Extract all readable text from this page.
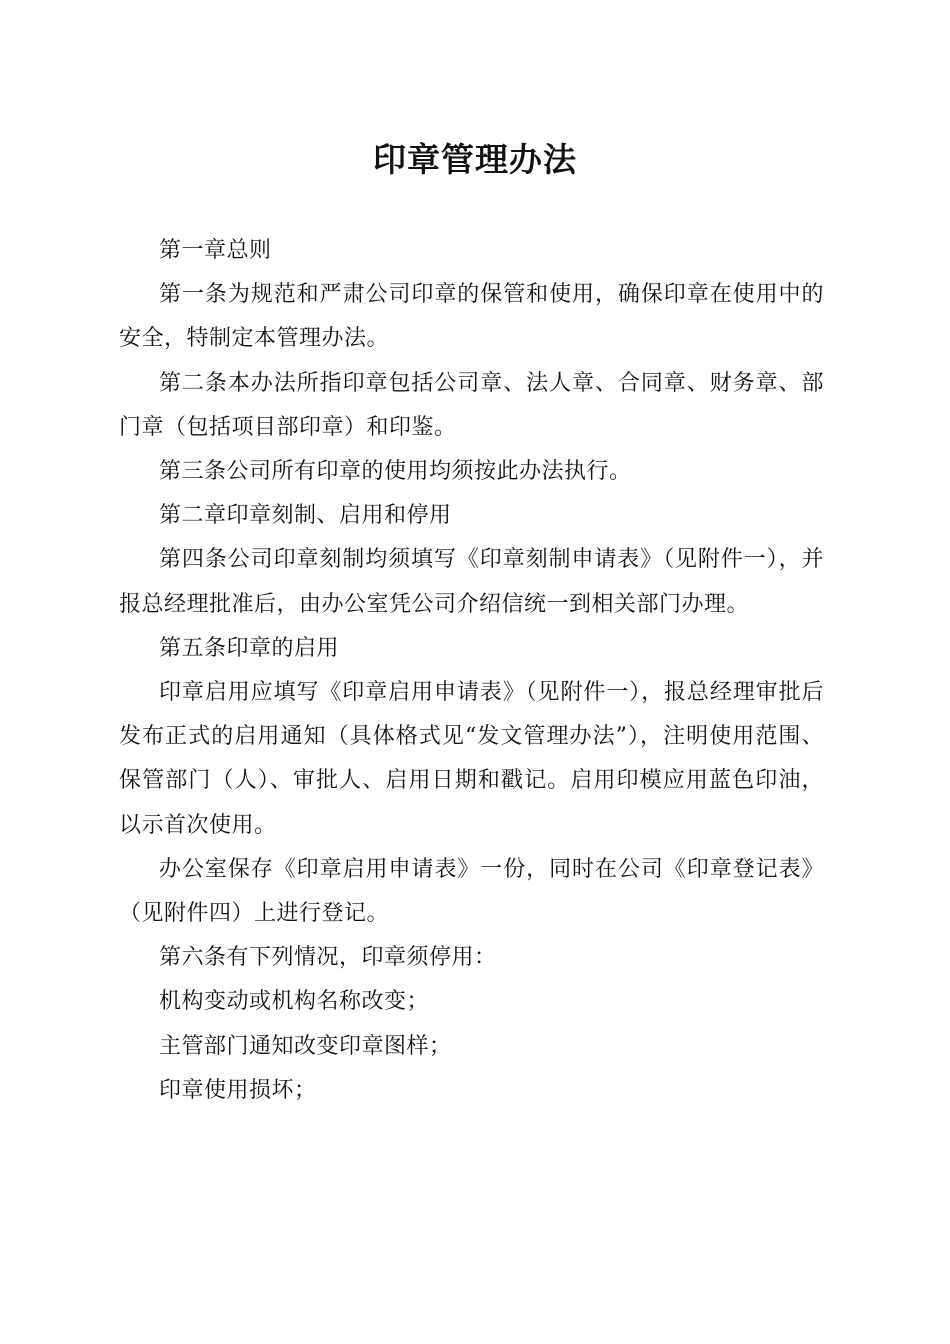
印章管理办法

第一章总则

第一条为规范和严肃公司印章的保管和使用，确保印章在使用中的安全，特制定本管理办法。

第二条本办法所指印章包括公司章、法人章、合同章、财务章、部门章（包括项目部印章）和印鉴。

第三条公司所有印章的使用均须按此办法执行。

第二章印章刻制、启用和停用

第四条公司印章刻制均须填写《印章刻制申请表》（见附件一），并报总经理批准后，由办公室凭公司介绍信统一到相关部门办理。

第五条印章的启用

印章启用应填写《印章启用申请表》（见附件一），报总经理审批后发布正式的启用通知（具体格式见“发文管理办法”），注明使用范围、保管部门（人）、审批人、启用日期和戳记。启用印模应用蓝色印油，以示首次使用。

办公室保存《印章启用申请表》一份，同时在公司《印章登记表》（见附件四）上进行登记。

第六条有下列情况，印章须停用：

机构变动或机构名称改变；

主管部门通知改变印章图样；

印章使用损坏；
